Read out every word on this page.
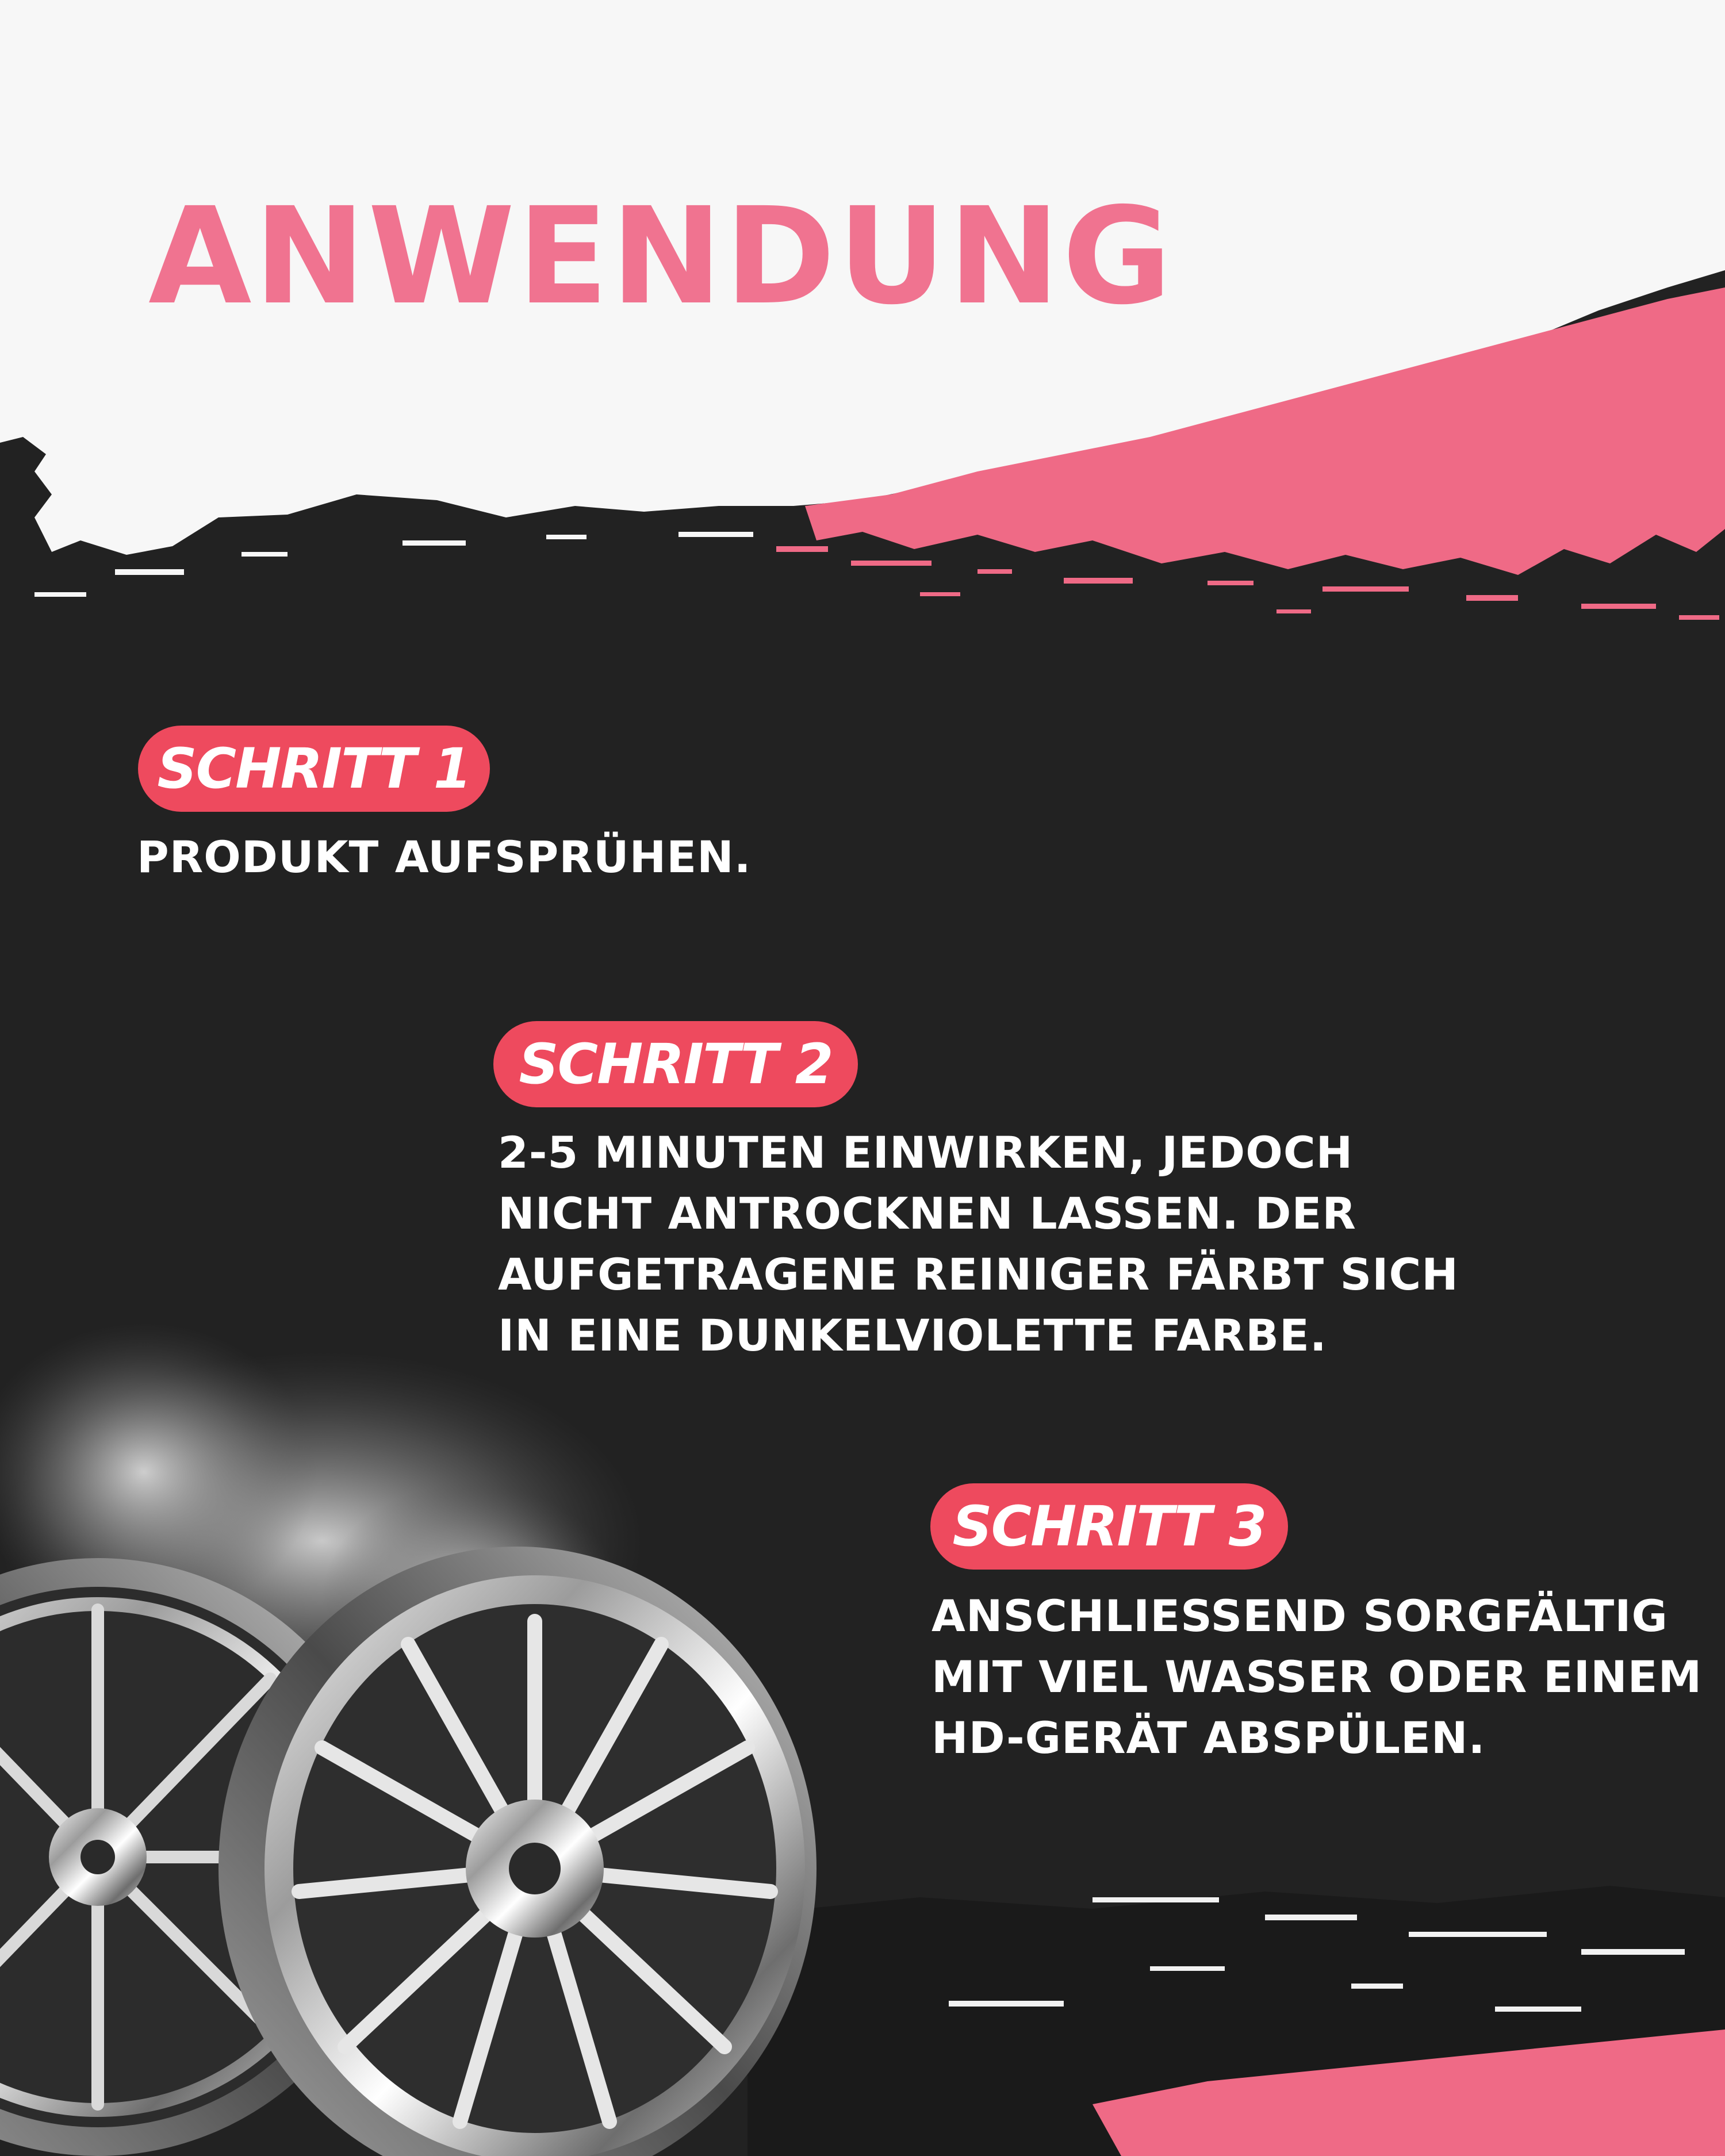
ANWENDUNG
SCHRITT 1

PRODUKT AUFSPRÜHEN.

SCHRITT 2

2-5 MINUTEN EINWIRKEN, JEDOCH
NICHT ANTROCKNEN LASSEN. DER
AUFGETRAGENE REINIGER FÄRBT SICH
IN EINE DUNKELVIOLETTE FARBE.

SCHRITT 3

ANSCHLIESSEND SORGFÄLTIG
MIT VIEL WASSER ODER EINEM
HD-GERÄT ABSPÜLEN.
